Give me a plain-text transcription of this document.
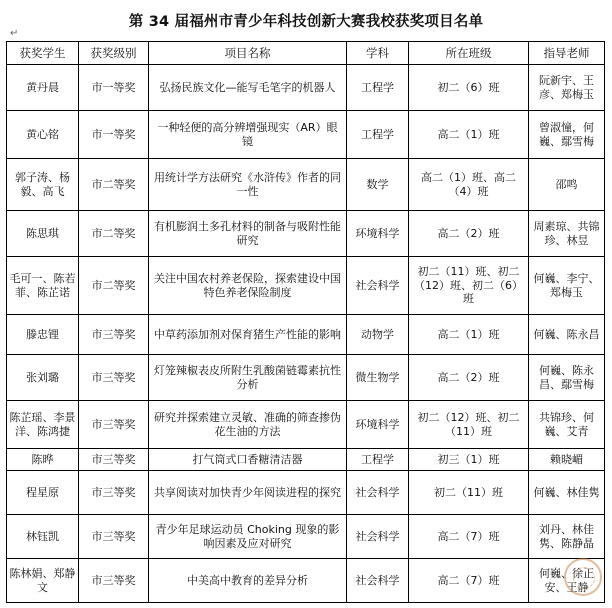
第 34 届福州市青少年科技创新大赛我校获奖项目名单
↵
获奖学生	获奖级别	项目名称	学科	所在班级	指导老师
黄丹晨	市一等奖	弘扬民族文化—能写毛笔字的机器人	工程学	初二（6）班	阮新宇、王彦、郑梅玉
黄心铭	市一等奖	一种轻便的高分辨增强现实（AR）眼镜	工程学	高二（1）班	曾淑憧，何巍、鄢雪梅
郭子涛、杨毅、高飞	市二等奖	用统计学方法研究《水浒传》作者的同一性	数学	高二（1）班、高二（4）班	邵鸣
陈思琪	市二等奖	有机膨润土多孔材料的制备与吸附性能研究	环境科学	高二（2）班	周素琼、共锦珍、林昱
毛可一、陈若菲、陈芷诺	市二等奖	关注中国农村养老保险，探索建设中国特色养老保险制度	社会科学	初二（11）班、初二（12）班、初二（6）班	何巍、李宁、郑梅玉
滕忠锂	市三等奖	中草药添加剂对保育猪生产性能的影响	动物学	高二（1）班	何巍、陈永昌
张刘璐	市三等奖	灯笼辣椒表皮所附生乳酸菌链霉素抗性分析	微生物学	高二（2）班	何巍、陈永昌、鄢雪梅
陈芷瑶、李景洋、陈鸿捷	市三等奖	研究并探索建立灵敏、准确的筛查掺伪花生油的方法	环境科学	初二（12）班、初二（11）班	共锦珍、何巍、艾青
陈晔	市三等奖	打气筒式口香糖清洁器	工程学	初三（1）班	赖晓嵋
程星原	市三等奖	共享阅读对加快青少年阅读进程的探究	社会科学	初二（11）班	何巍、林佳隽
林钰凯	市三等奖	青少年足球运动员 Choking 现象的影响因素及应对研究	社会科学	高二（7）班	刘丹、林佳隽、陈静晶
陈林娟、郑静文	市三等奖	中美高中教育的差异分析	社会科学	高二（7）班	何巍、徐正安、王静
